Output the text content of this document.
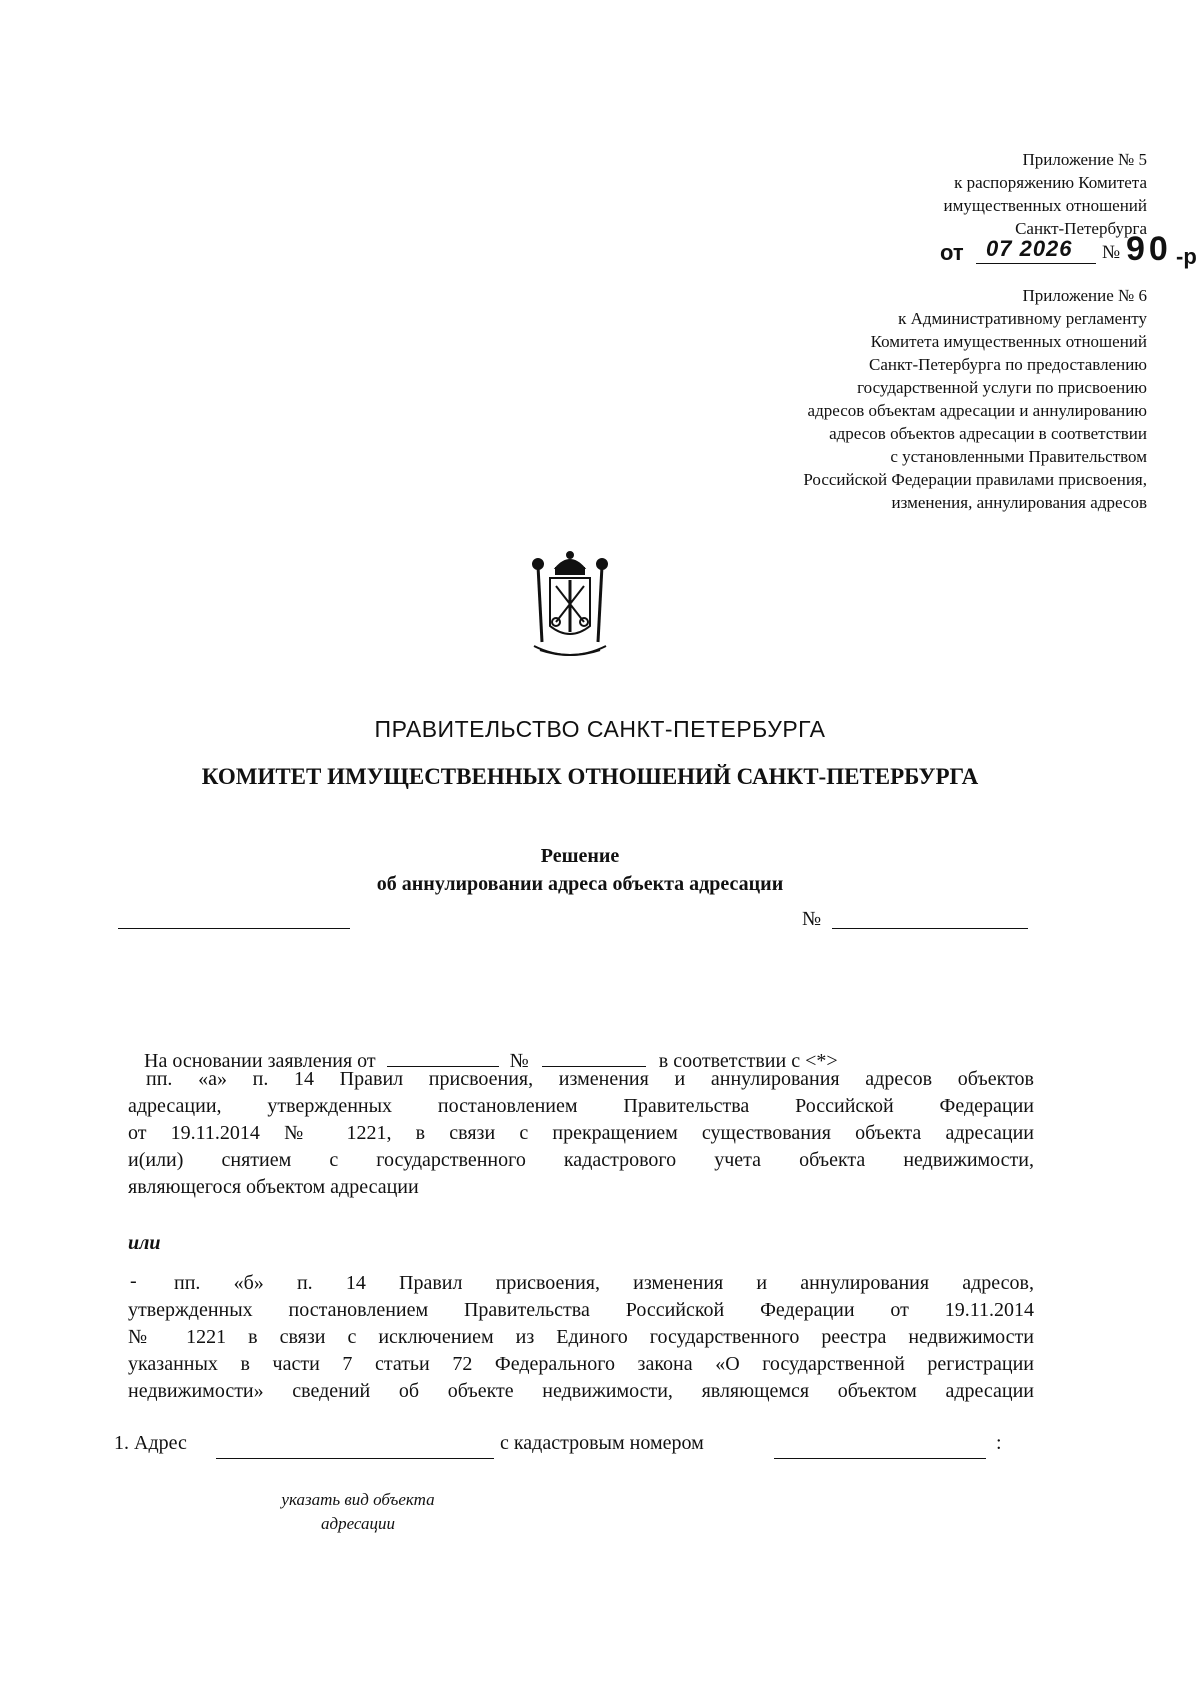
Приложение № 5
к распоряжению Комитета
имущественных отношений
Санкт-Петербурга
от	07 2026	№ 90 -р
Приложение № 6
к Административному регламенту
Комитета имущественных отношений
Санкт-Петербурга по предоставлению
государственной услуги по присвоению
адресов объектам адресации и аннулированию
адресов объектов адресации в соответствии
с установленными Правительством
Российской Федерации правилами присвоения,
изменения, аннулирования адресов
ПРАВИТЕЛЬСТВО САНКТ-ПЕТЕРБУРГА
КОМИТЕТ ИМУЩЕСТВЕННЫХ ОТНОШЕНИЙ САНКТ-ПЕТЕРБУРГА
Решение
об аннулировании адреса объекта адресации
№
На основании заявления от	№	в соответствии с <*>
пп. «а» п. 14 Правил присвоения, изменения и аннулирования адресов объектов
адресации, утвержденных постановлением Правительства Российской Федерации
от 19.11.2014 № 1221, в связи с прекращением существования объекта адресации
и(или) снятием с государственного кадастрового учета объекта недвижимости,
являющегося объектом адресации
или
-	пп. «б» п. 14 Правил присвоения, изменения и аннулирования адресов,
утвержденных постановлением Правительства Российской Федерации от 19.11.2014
№ 1221 в связи с исключением из Единого государственного реестра недвижимости
указанных в части 7 статьи 72 Федерального закона «О государственной регистрации
недвижимости» сведений об объекте недвижимости, являющемся объектом адресации
1. Адрес	с кадастровым номером	:
указать вид объекта
адресации
